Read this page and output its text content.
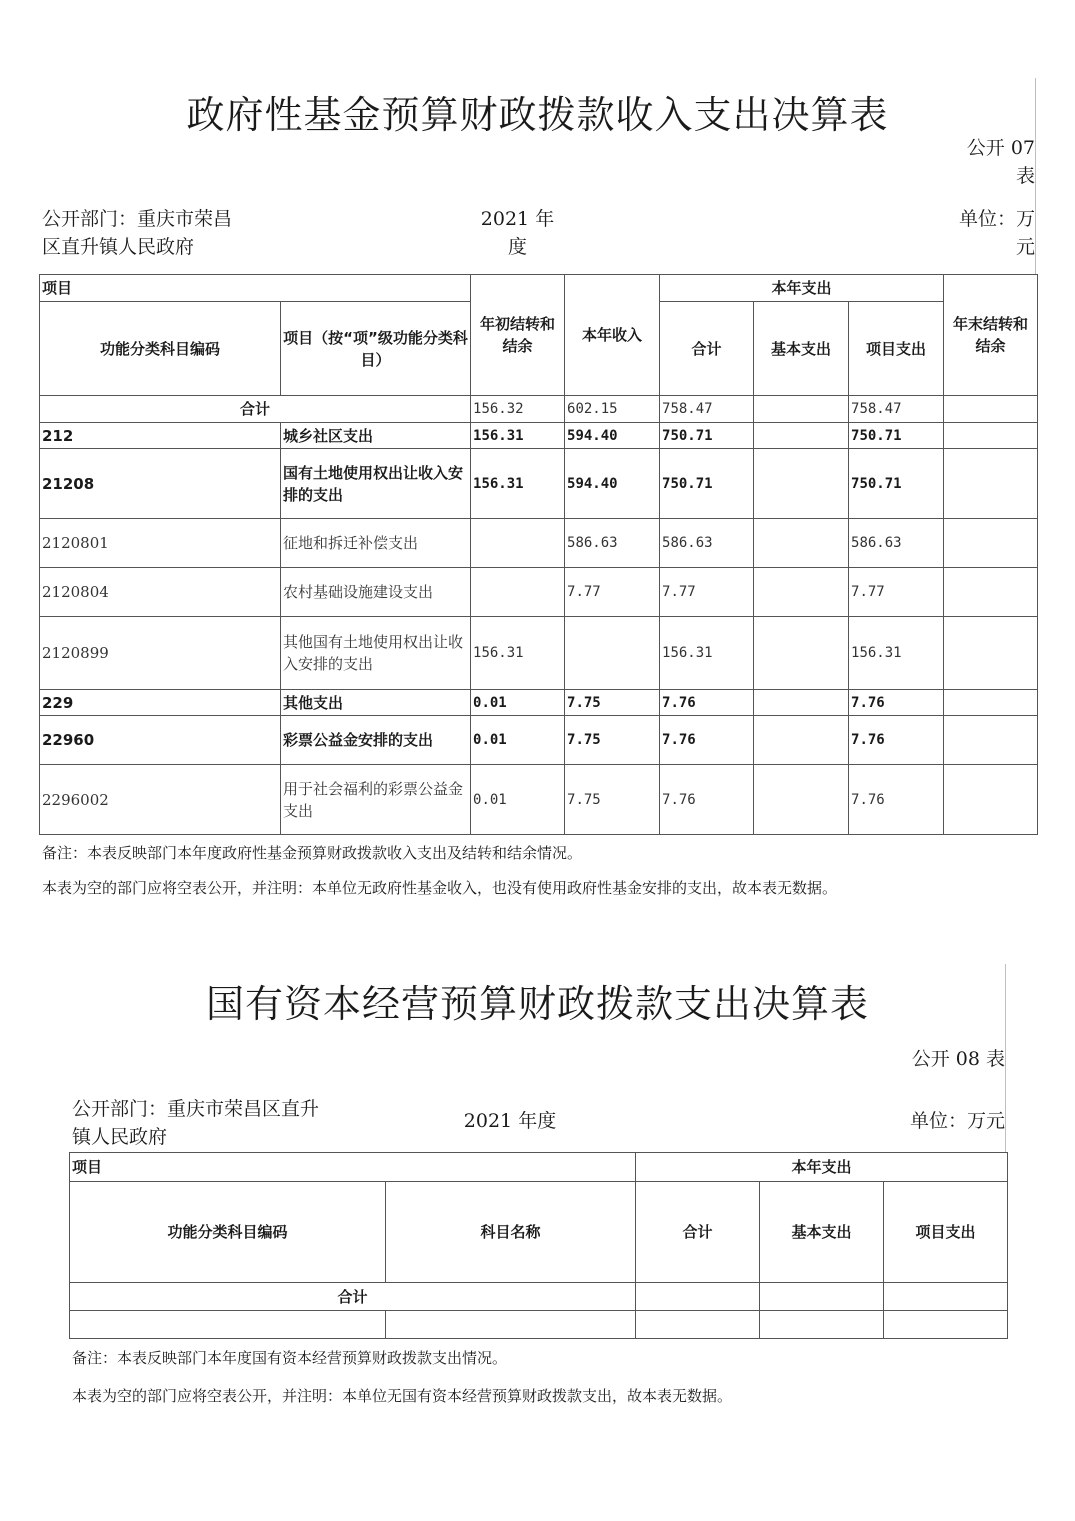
政府性基金预算财政拨款收入支出决算表
公开 07 表
公开部门：重庆市荣昌区直升镇人民政府
2021 年度
单位：万元
项目		年初结转和结余	本年收入	本年支出			年末结转和结余
功能分类科目编码	项目（按“项”级功能分类科目）			合计	基本支出	项目支出	
合计		156.32	602.15	758.47		758.47	
212	城乡社区支出	156.31	594.40	750.71		750.71	
21208	国有土地使用权出让收入安排的支出	156.31	594.40	750.71		750.71	
2120801	征地和拆迁补偿支出		586.63	586.63		586.63	
2120804	农村基础设施建设支出		7.77	7.77		7.77	
2120899	其他国有土地使用权出让收入安排的支出	156.31		156.31		156.31	
229	其他支出	0.01	7.75	7.76		7.76	
22960	彩票公益金安排的支出	0.01	7.75	7.76		7.76	
2296002	用于社会福利的彩票公益金支出	0.01	7.75	7.76		7.76	
备注：本表反映部门本年度政府性基金预算财政拨款收入支出及结转和结余情况。
本表为空的部门应将空表公开，并注明：本单位无政府性基金收入，也没有使用政府性基金安排的支出，故本表无数据。
国有资本经营预算财政拨款支出决算表
公开 08 表
公开部门：重庆市荣昌区直升镇人民政府
2021 年度	单位：万元
项目		本年支出		
功能分类科目编码	科目名称	合计	基本支出	项目支出
合计				

备注：本表反映部门本年度国有资本经营预算财政拨款支出情况。
本表为空的部门应将空表公开，并注明：本单位无国有资本经营预算财政拨款支出，故本表无数据。
